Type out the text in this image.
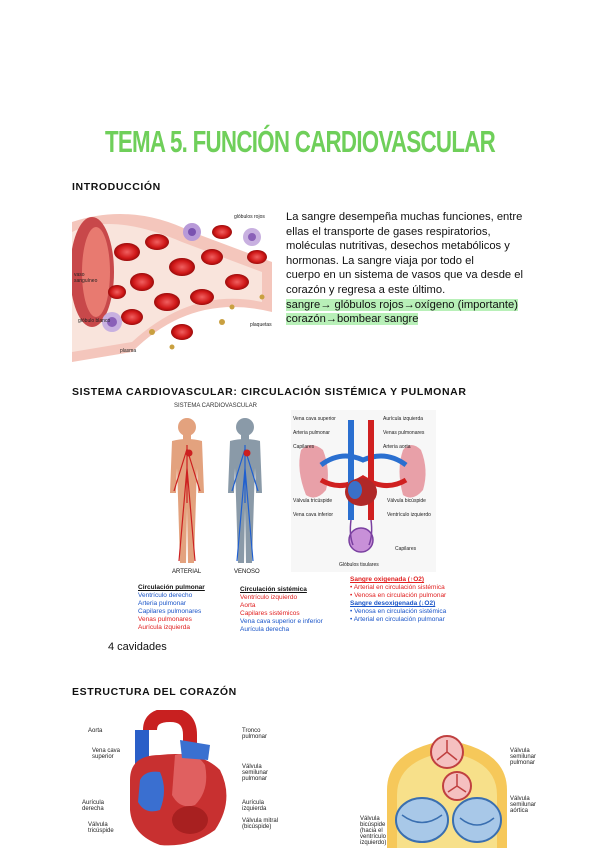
TEMA 5. FUNCIÓN CARDIOVASCULAR
INTRODUCCIÓN
glóbulos rojos
vaso sanguíneo
glóbulo blanco
plaquetas
plasma
La sangre desempeña muchas funciones, entre
ellas el transporte de gases respiratorios,
moléculas nutritivas, desechos metabólicos y
hormonas. La sangre viaja por todo el
cuerpo en un sistema de vasos que va desde el
corazón y regresa a este último.
sangre→ glóbulos rojos→oxígeno (importante)
corazón→bombear sangre
SISTEMA CARDIOVASCULAR: CIRCULACIÓN SISTÉMICA Y PULMONAR
SISTEMA CARDIOVASCULAR
ARTERIAL	VENOSO
Vena cava superior
Arteria pulmonar
Capilares
Válvula tricúspide
Vena cava inferior
Aurícula izquierda
Venas pulmonares
Arteria aorta
Válvula bicúspide
Ventrículo izquierdo
Capilares
Glóbulos tisulares
Circulación pulmonar
Ventrículo derecho
Arteria pulmonar
Capilares pulmonares
Venas pulmonares
Aurícula izquierda
Circulación sistémica
Ventrículo izquierdo
Aorta
Capilares sistémicos
Vena cava superior e inferior
Aurícula derecha
Sangre oxigenada (↑O2)
• Arterial en circulación sistémica
• Venosa en circulación pulmonar
Sangre desoxigenada (↓O2)
• Venosa en circulación sistémica
• Arterial en circulación pulmonar
4 cavidades
ESTRUCTURA DEL CORAZÓN
Aorta
Vena cava superior
Aurícula derecha
Válvula tricúspide
Tronco pulmonar
Válvula semilunar pulmonar
Aurícula izquierda
Válvula mitral (bicúspide)
Válvula semilunar pulmonar
Válvula semilunar aórtica
Válvula bicúspide (hacia el ventrículo izquierdo)
